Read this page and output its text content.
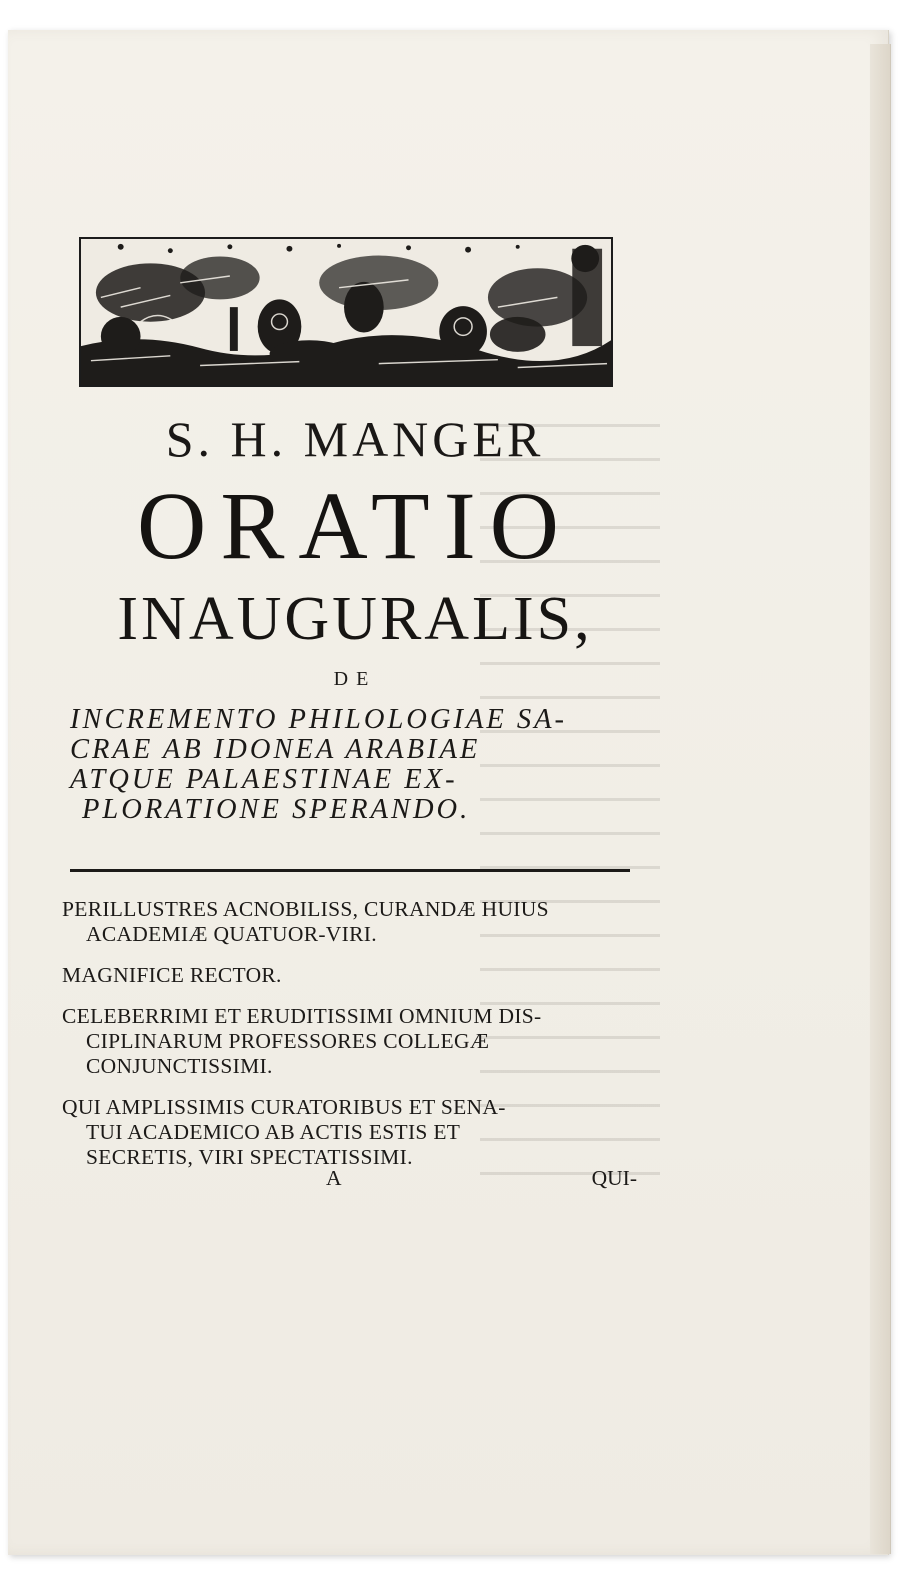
S. H. MANGER
ORATIO
INAUGURALIS,
DE
INCREMENTO PHILOLOGIAE SA-
CRAE AB IDONEA ARABIAE
ATQUE PALAESTINAE EX-
PLORATIONE SPERANDO.

PERILLUSTRES ACNOBILISS, CURANDÆ HUIUS
ACADEMIÆ QUATUOR-VIRI.

MAGNIFICE RECTOR.

CELEBERRIMI ET ERUDITISSIMI OMNIUM DIS-
CIPLINARUM PROFESSORES COLLEGÆ
CONJUNCTISSIMI.

QUI AMPLISSIMIS CURATORIBUS ET SENA-
TUI ACADEMICO AB ACTIS ESTIS ET
SECRETIS, VIRI SPECTATISSIMI.

A	QUI-
